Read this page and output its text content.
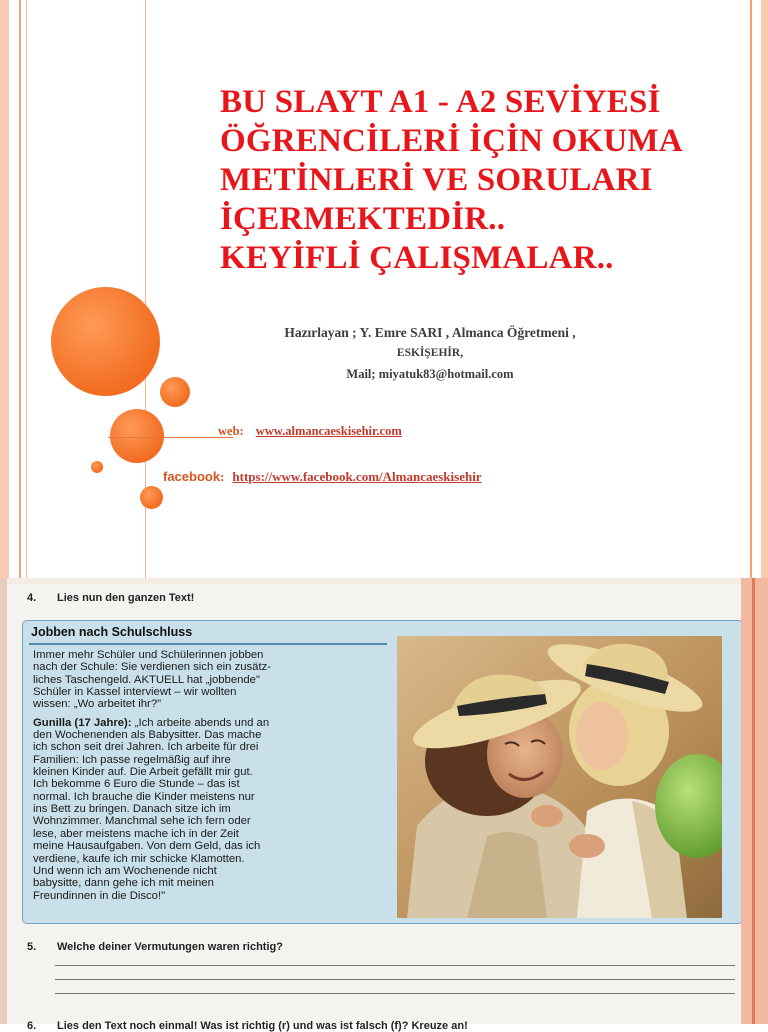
BU SLAYT A1 - A2 SEVİYESİ
ÖĞRENCİLERİ İÇİN OKUMA
METİNLERİ VE SORULARI
İÇERMEKTEDİR..
KEYİFLİ ÇALIŞMALAR..
Hazırlayan ; Y. Emre SARI , Almanca Öğretmeni ,
ESKİŞEHİR,
Mail; miyatuk83@hotmail.com
web: www.almancaeskisehir.com
facebook: https://www.facebook.com/Almancaeskisehir
4. Lies nun den ganzen Text!
Jobben nach Schulschluss

Immer mehr Schüler und Schülerinnen jobben
nach der Schule: Sie verdienen sich ein zusätz-
liches Taschengeld. AKTUELL hat „jobbende"
Schüler in Kassel interviewt – wir wollten
wissen: „Wo arbeitet ihr?"

Gunilla (17 Jahre): „Ich arbeite abends und an
den Wochenenden als Babysitter. Das mache
ich schon seit drei Jahren. Ich arbeite für drei
Familien: Ich passe regelmäßig auf ihre
kleinen Kinder auf. Die Arbeit gefällt mir gut.
Ich bekomme 6 Euro die Stunde – das ist
normal. Ich brauche die Kinder meistens nur
ins Bett zu bringen. Danach sitze ich im
Wohnzimmer. Manchmal sehe ich fern oder
lese, aber meistens mache ich in der Zeit
meine Hausaufgaben. Von dem Geld, das ich
verdiene, kaufe ich mir schicke Klamotten.
Und wenn ich am Wochenende nicht
babysitte, dann gehe ich mit meinen
Freundinnen in die Disco!"

5. Welche deiner Vermutungen waren richtig?
6. Lies den Text noch einmal! Was ist richtig (r) und was ist falsch (f)? Kreuze an!
